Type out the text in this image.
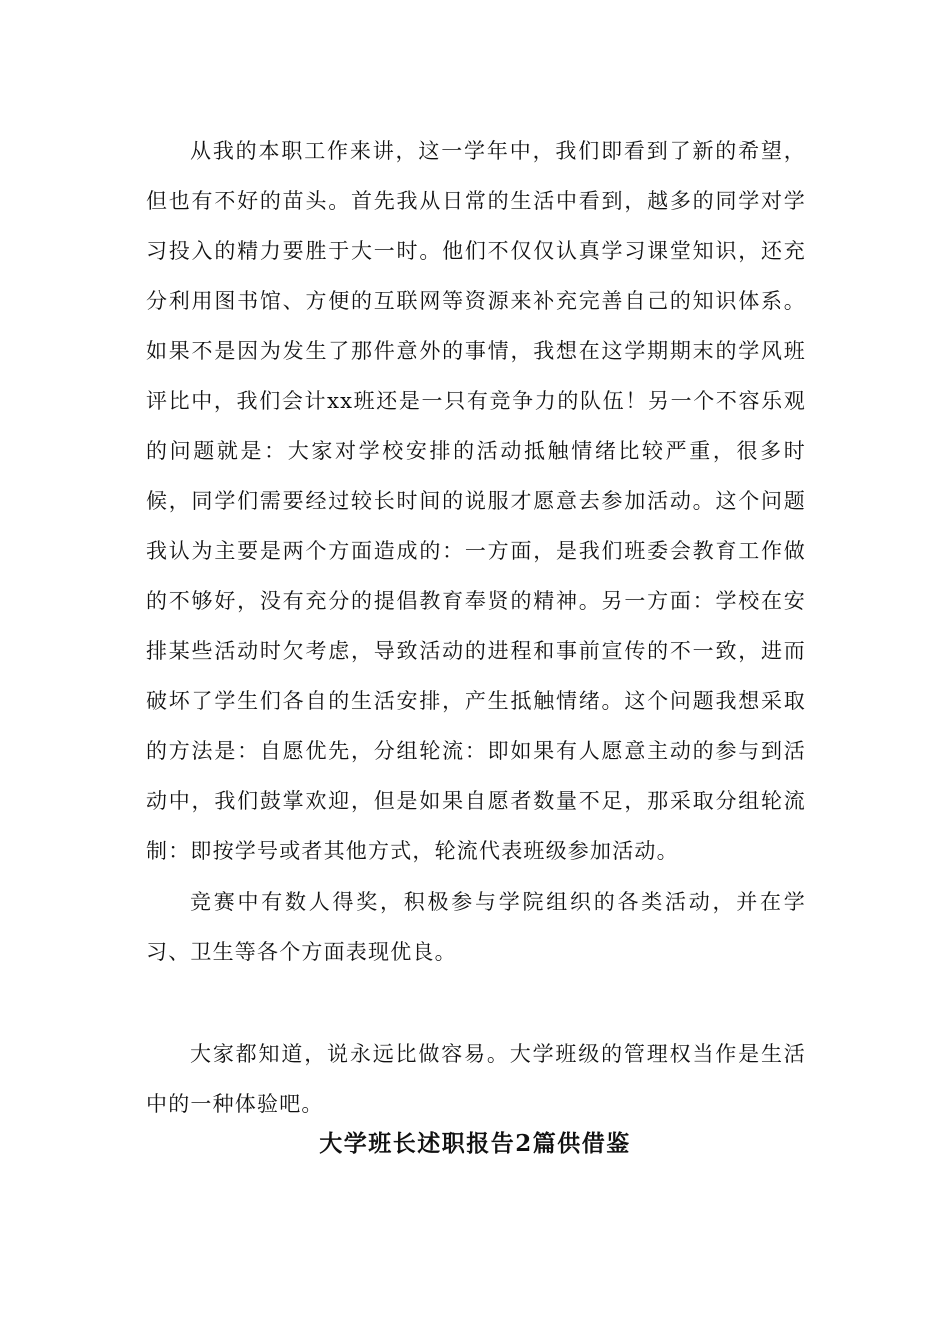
从我的本职工作来讲，这一学年中，我们即看到了新的希望，但也有不好的苗头。首先我从日常的生活中看到，越多的同学对学习投入的精力要胜于大一时。他们不仅仅认真学习课堂知识，还充分利用图书馆、方便的互联网等资源来补充完善自己的知识体系。如果不是因为发生了那件意外的事情，我想在这学期期末的学风班评比中，我们会计xx班还是一只有竞争力的队伍！另一个不容乐观的问题就是：大家对学校安排的活动抵触情绪比较严重，很多时候，同学们需要经过较长时间的说服才愿意去参加活动。这个问题我认为主要是两个方面造成的：一方面，是我们班委会教育工作做的不够好，没有充分的提倡教育奉贤的精神。另一方面：学校在安排某些活动时欠考虑，导致活动的进程和事前宣传的不一致，进而破坏了学生们各自的生活安排，产生抵触情绪。这个问题我想采取的方法是：自愿优先，分组轮流：即如果有人愿意主动的参与到活动中，我们鼓掌欢迎，但是如果自愿者数量不足，那采取分组轮流制：即按学号或者其他方式，轮流代表班级参加活动。

竞赛中有数人得奖，积极参与学院组织的各类活动，并在学习、卫生等各个方面表现优良。

大家都知道，说永远比做容易。大学班级的管理权当作是生活中的一种体验吧。

大学班长述职报告2篇供借鉴
